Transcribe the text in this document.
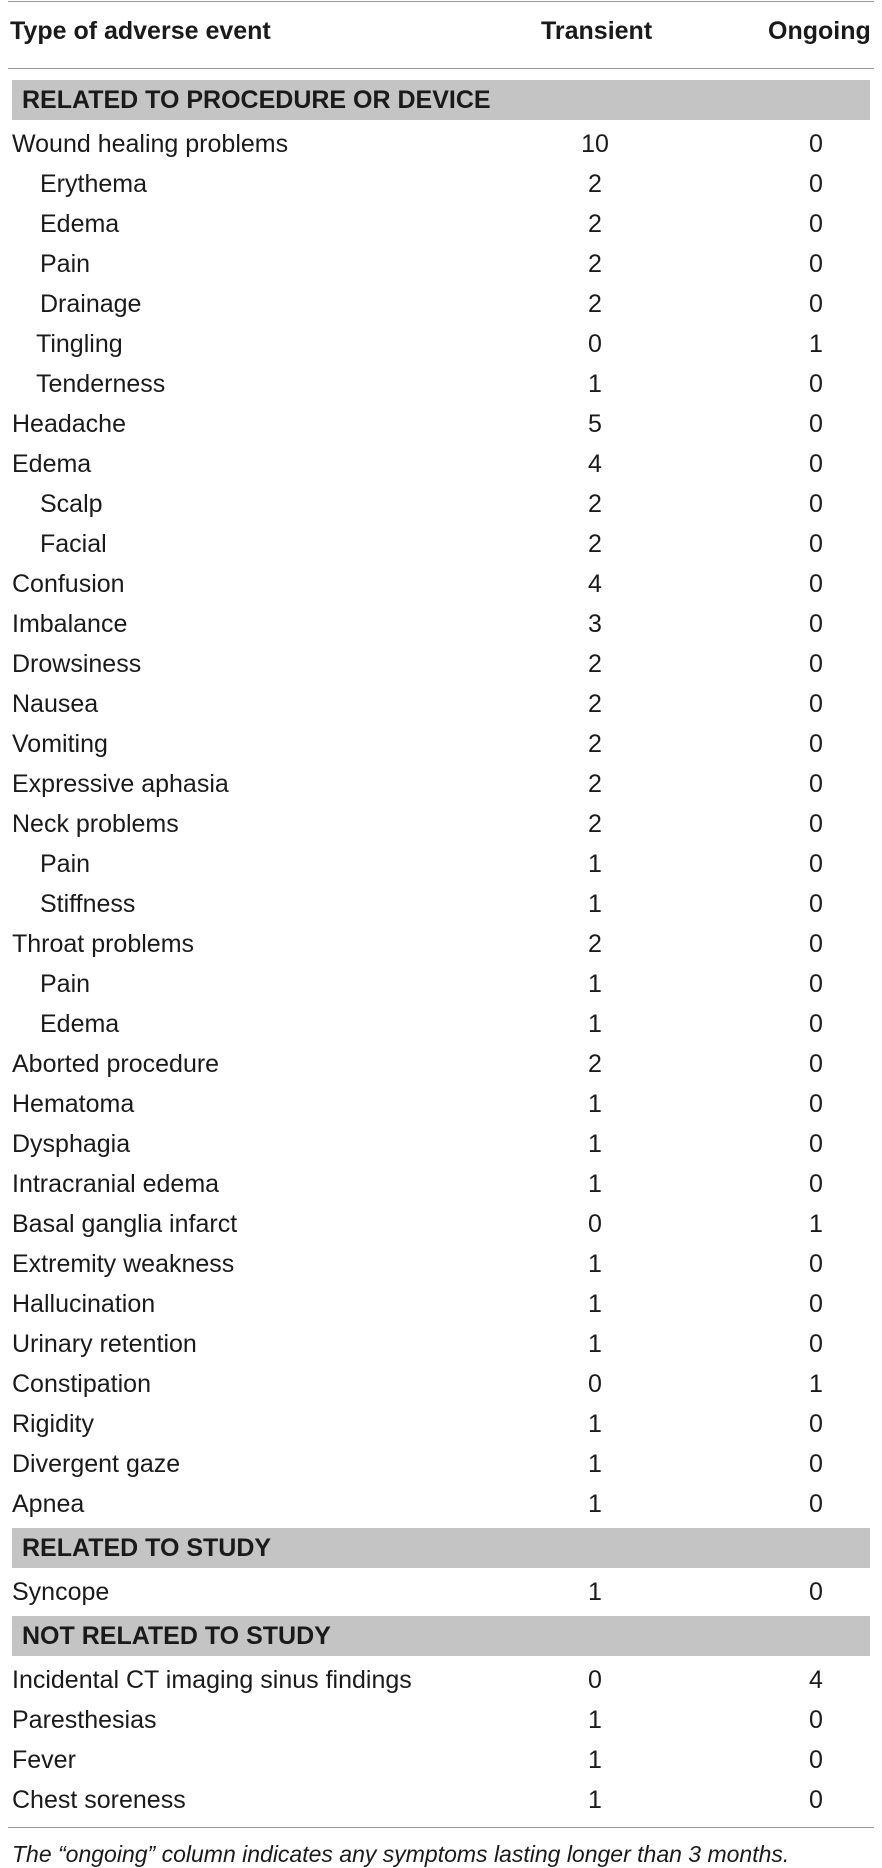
Type of adverse event	Transient	Ongoing
RELATED TO PROCEDURE OR DEVICE
Wound healing problems	10	0
Erythema	2	0
Edema	2	0
Pain	2	0
Drainage	2	0
Tingling	0	1
Tenderness	1	0
Headache	5	0
Edema	4	0
Scalp	2	0
Facial	2	0
Confusion	4	0
Imbalance	3	0
Drowsiness	2	0
Nausea	2	0
Vomiting	2	0
Expressive aphasia	2	0
Neck problems	2	0
Pain	1	0
Stiffness	1	0
Throat problems	2	0
Pain	1	0
Edema	1	0
Aborted procedure	2	0
Hematoma	1	0
Dysphagia	1	0
Intracranial edema	1	0
Basal ganglia infarct	0	1
Extremity weakness	1	0
Hallucination	1	0
Urinary retention	1	0
Constipation	0	1
Rigidity	1	0
Divergent gaze	1	0
Apnea	1	0
RELATED TO STUDY
Syncope	1	0
NOT RELATED TO STUDY
Incidental CT imaging sinus findings	0	4
Paresthesias	1	0
Fever	1	0
Chest soreness	1	0
The “ongoing” column indicates any symptoms lasting longer than 3 months.
